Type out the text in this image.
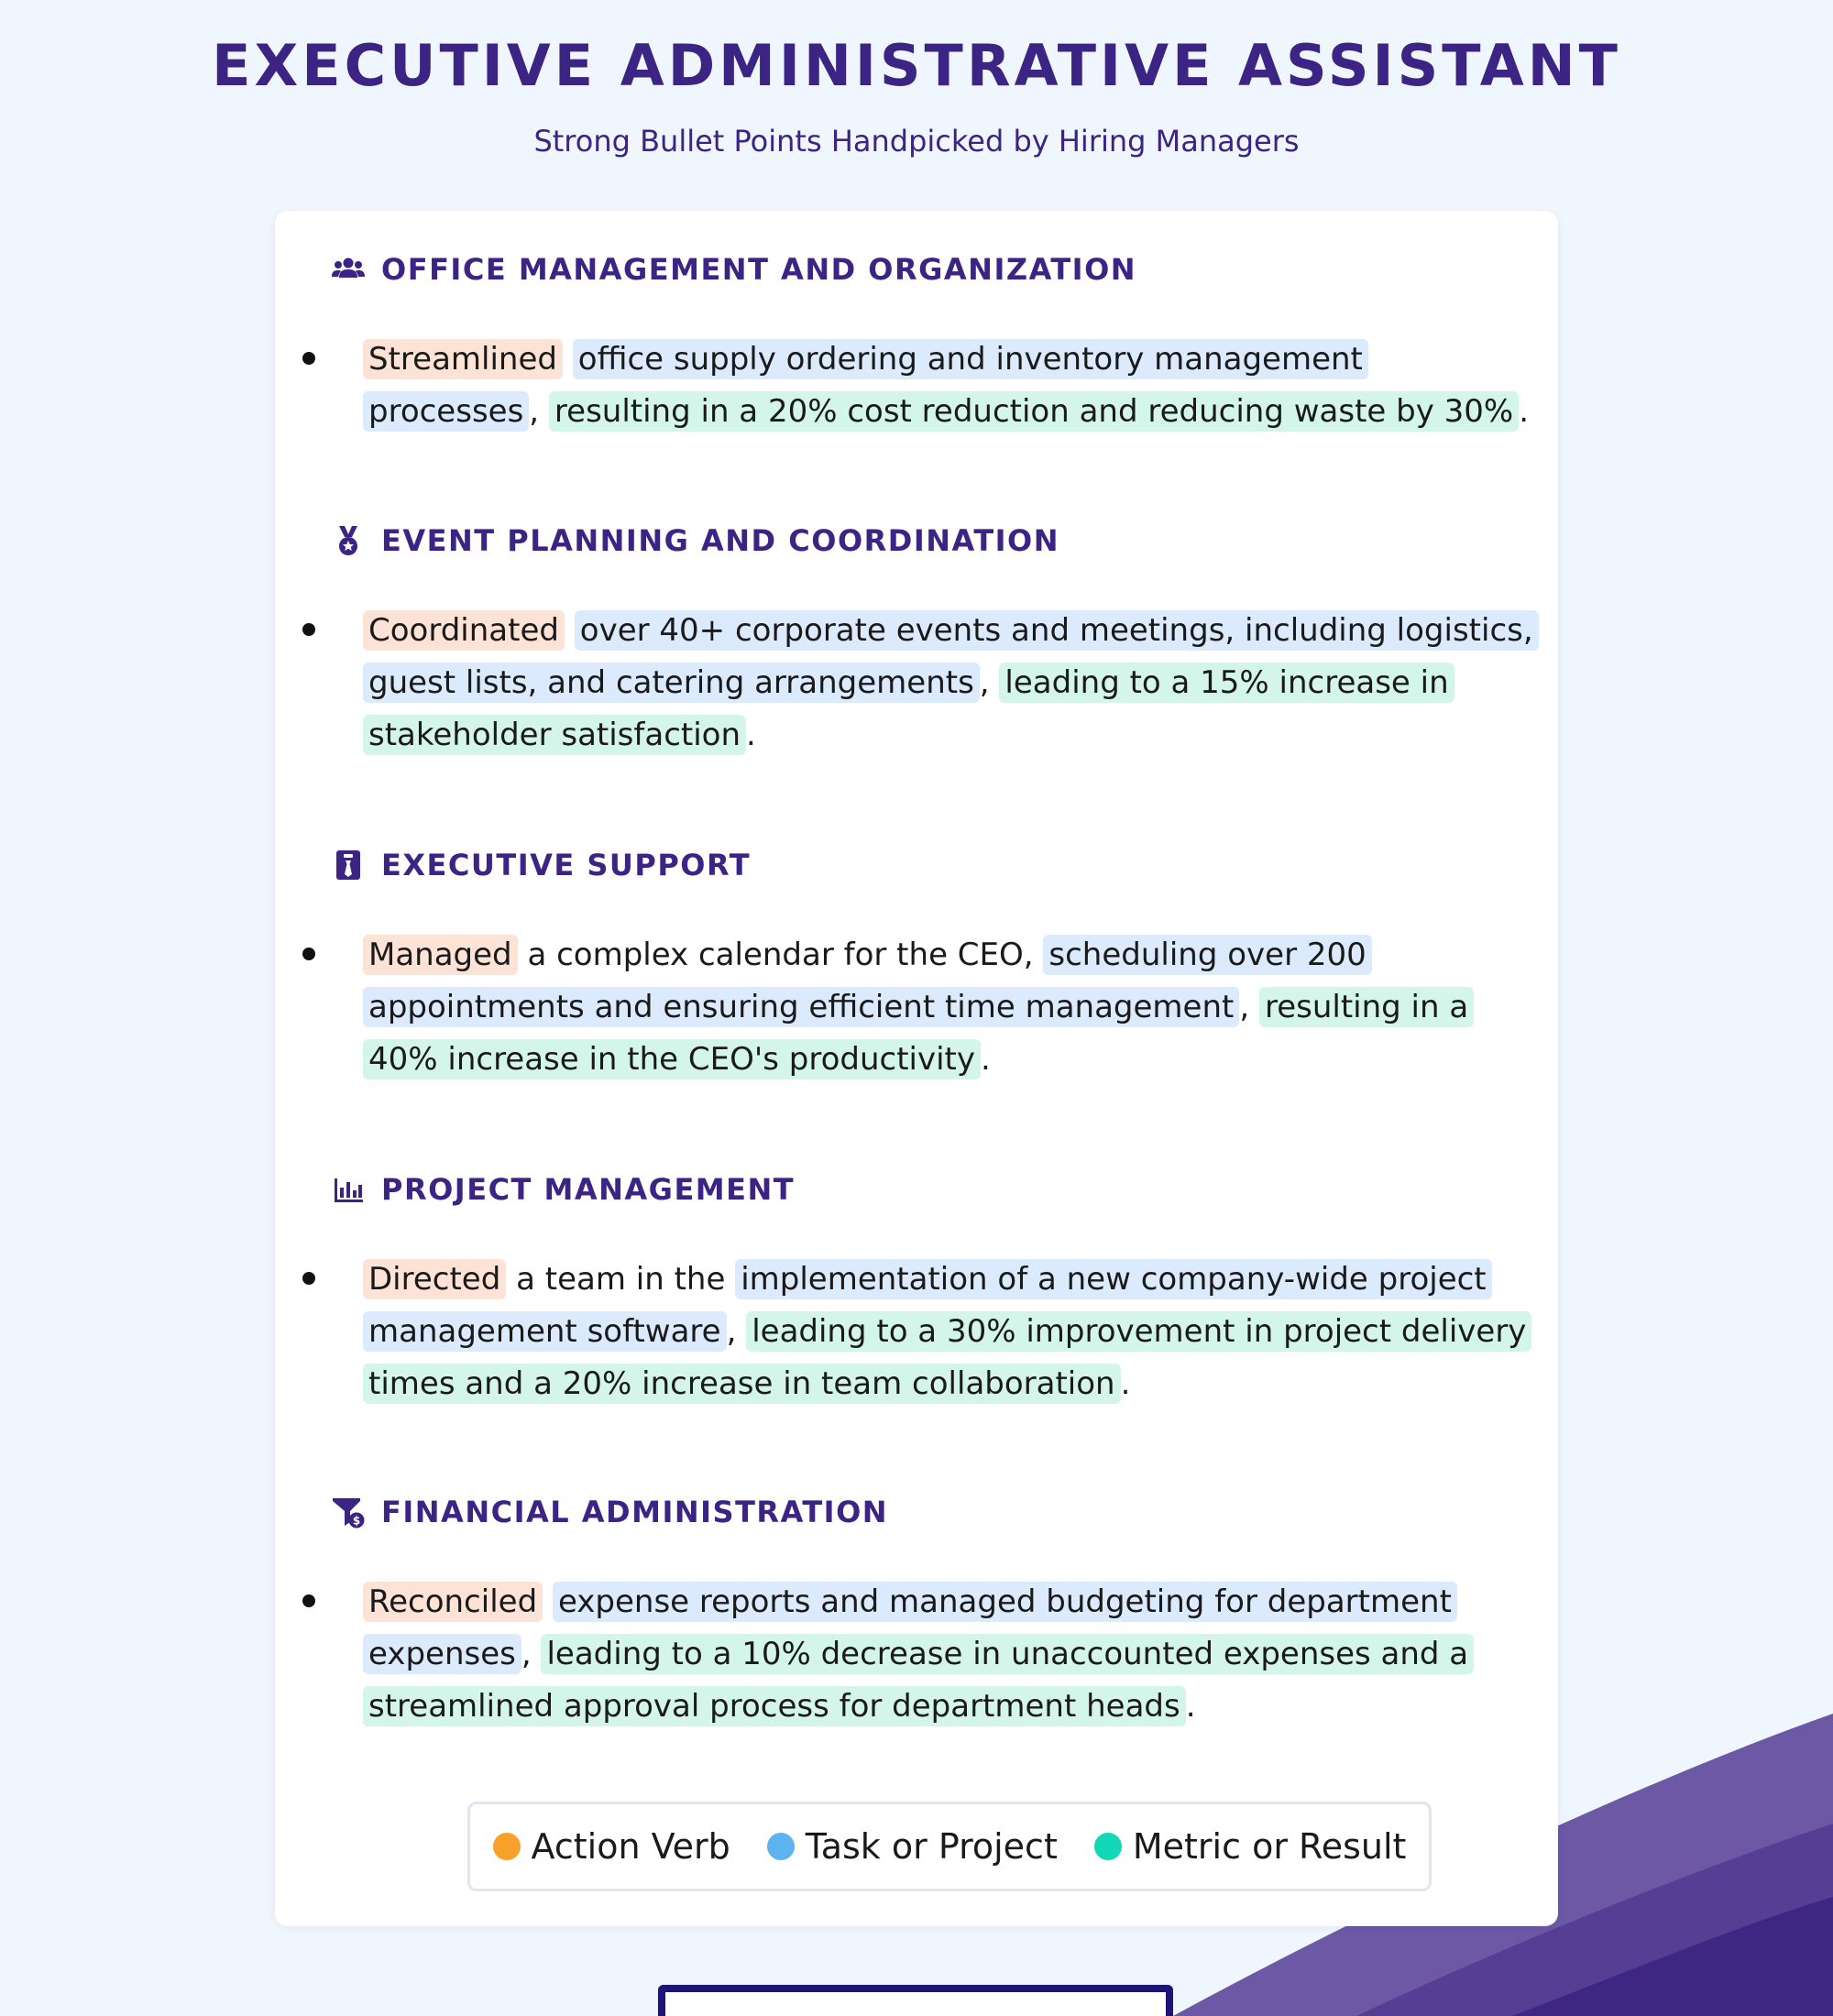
EXECUTIVE ADMINISTRATIVE ASSISTANT
Strong Bullet Points Handpicked by Hiring Managers
OFFICE MANAGEMENT AND ORGANIZATION

Streamlined office supply ordering and inventory management processes , resulting in a 20% cost reduction and reducing waste by 30% .

EVENT PLANNING AND COORDINATION

Coordinated over 40+ corporate events and meetings, including logistics, guest lists, and catering arrangements , leading to a 15% increase in stakeholder satisfaction .

EXECUTIVE SUPPORT

Managed a complex calendar for the CEO, scheduling over 200 appointments and ensuring efficient time management , resulting in a 40% increase in the CEO's productivity .

PROJECT MANAGEMENT

Directed a team in the implementation of a new company-wide project management software , leading to a 30% improvement in project delivery times and a 20% increase in team collaboration .

$ FINANCIAL ADMINISTRATION

Reconciled expense reports and managed budgeting for department expenses , leading to a 10% decrease in unaccounted expenses and a streamlined approval process for department heads .

Action Verb Task or Project Metric or Result
